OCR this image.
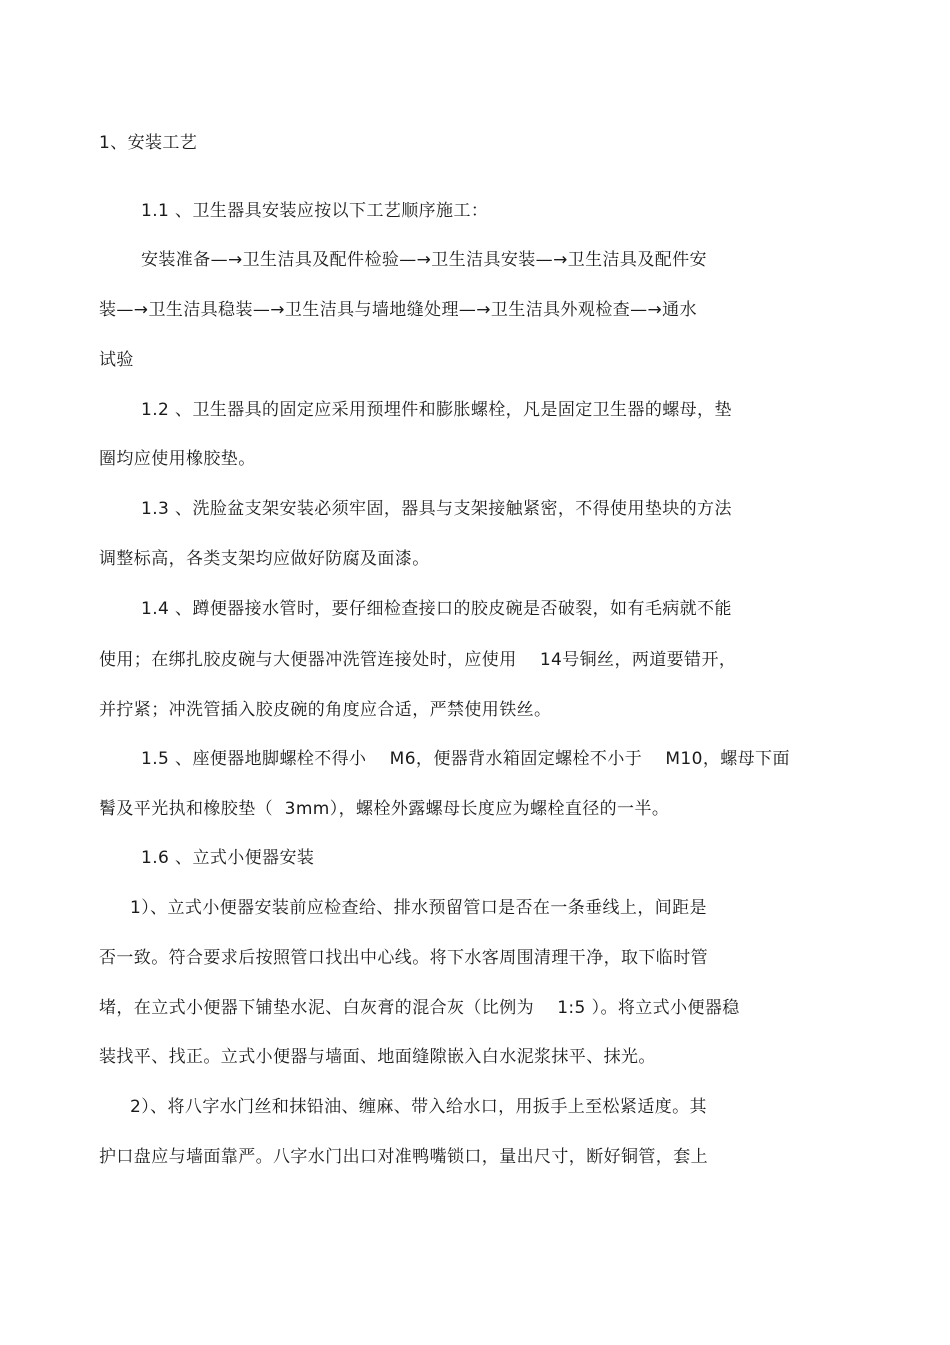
1、安装工艺
1.1 、卫生器具安装应按以下工艺顺序施工：
安装准备—→卫生洁具及配件检验—→卫生洁具安装—→卫生洁具及配件安
装—→卫生洁具稳装—→卫生洁具与墙地缝处理—→卫生洁具外观检查—→通水
试验
1.2 、卫生器具的固定应采用预埋件和膨胀螺栓，凡是固定卫生器的螺母，垫
圈均应使用橡胶垫。
1.3 、洗脸盆支架安装必须牢固，器具与支架接触紧密，不得使用垫块的方法
调整标高，各类支架均应做好防腐及面漆。
1.4 、蹲便器接水管时，要仔细检查接口的胶皮碗是否破裂，如有毛病就不能
使用；在绑扎胶皮碗与大便器冲洗管连接处时，应使用    14号铜丝，两道要错开，
并拧紧；冲洗管插入胶皮碗的角度应合适，严禁使用铁丝。
1.5 、座便器地脚螺栓不得小    M6，便器背水箱固定螺栓不小于    M10，螺母下面
鬌及平光执和橡胶垫（  3mm），螺栓外露螺母长度应为螺栓直径的一半。
1.6 、立式小便器安装
1）、立式小便器安装前应检查给、排水预留管口是否在一条垂线上，间距是
否一致。符合要求后按照管口找出中心线。将下水客周围清理干净，取下临时管
堵，在立式小便器下铺垫水泥、白灰膏的混合灰（比例为    1:5 ）。将立式小便器稳
装找平、找正。立式小便器与墙面、地面缝隙嵌入白水泥浆抹平、抹光。
2）、将八字水门丝和抹铅油、缠麻、带入给水口，用扳手上至松紧适度。其
护口盘应与墙面靠严。八字水门出口对准鸭嘴锁口，量出尺寸，断好铜管，套上
